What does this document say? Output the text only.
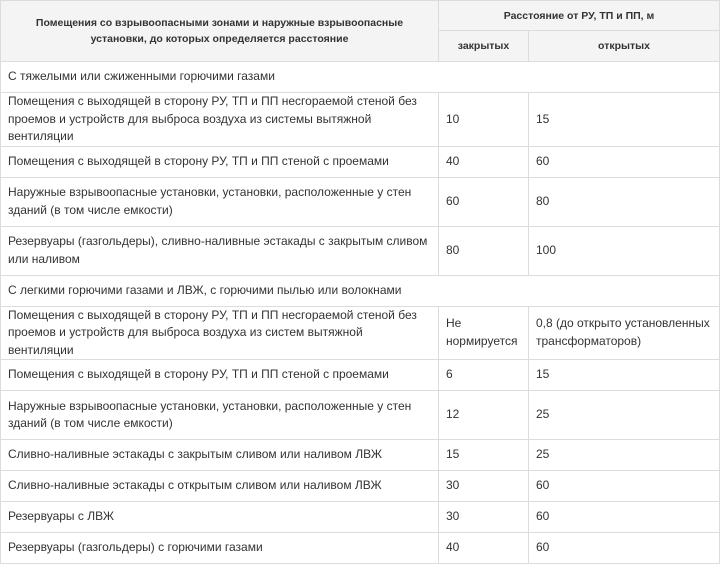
Помещения со взрывоопасными зонами и наружные взрывоопасные установки, до которых определяется расстояние	Расстояние от РУ, ТП и ПП, м	
	закрытых	открытых
С тяжелыми или сжиженными горючими газами		
Помещения с выходящей в сторону РУ, ТП и ПП несгораемой стеной без проемов и устройств для выброса воздуха из системы вытяжной вентиляции	10	15
Помещения с выходящей в сторону РУ, ТП и ПП стеной с проемами	40	60
Наружные взрывоопасные установки, установки, расположенные у стен зданий (в том числе емкости)	60	80
Резервуары (газгольдеры), сливно-наливные эстакады с закрытым сливом или наливом	80	100
С легкими горючими газами и ЛВЖ, с горючими пылью или волокнами		
Помещения с выходящей в сторону РУ, ТП и ПП несгораемой стеной без проемов и устройств для выброса воздуха из систем вытяжной вентиляции	Не нормируется	0,8 (до открыто установленных трансформаторов)
Помещения с выходящей в сторону РУ, ТП и ПП стеной с проемами	6	15
Наружные взрывоопасные установки, установки, расположенные у стен зданий (в том числе емкости)	12	25
Сливно-наливные эстакады с закрытым сливом или наливом ЛВЖ	15	25
Сливно-наливные эстакады с открытым сливом или наливом ЛВЖ	30	60
Резервуары с ЛВЖ	30	60
Резервуары (газгольдеры) с горючими газами	40	60
